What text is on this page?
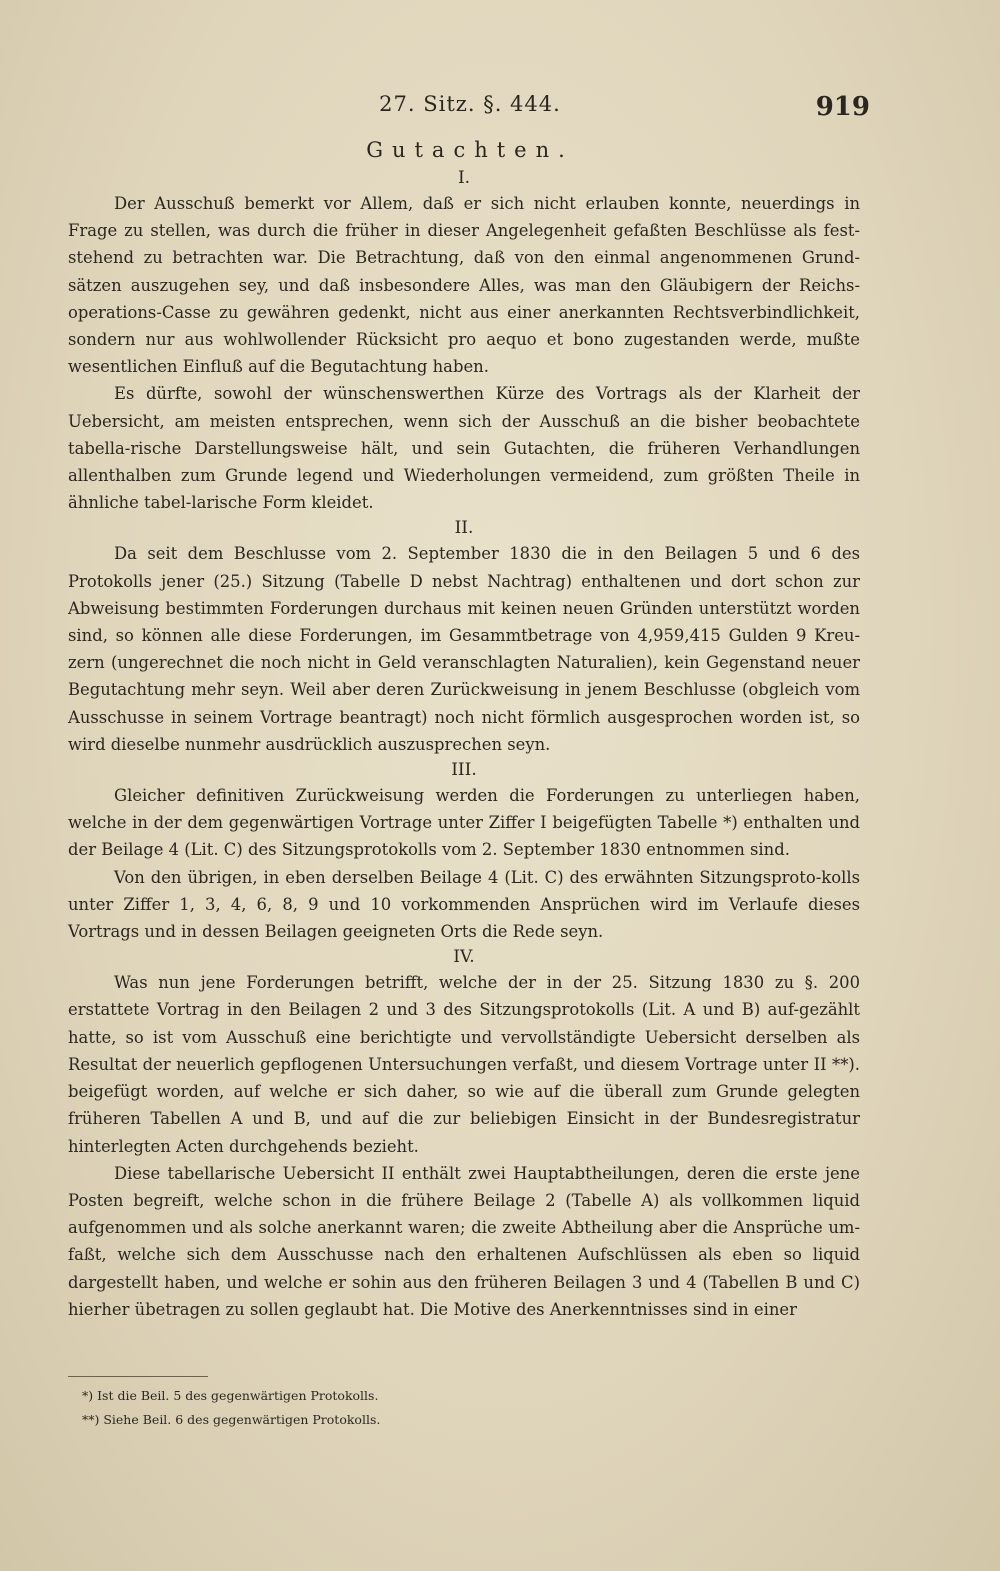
27. Sitz. §. 444.	919
Gutachten.

I.

Der Ausschuß bemerkt vor Allem, daß er sich nicht erlauben konnte, neuerdings in Frage zu stellen, was durch die früher in dieser Angelegenheit gefaßten Beschlüsse als fest-stehend zu betrachten war. Die Betrachtung, daß von den einmal angenommenen Grund-sätzen auszugehen sey, und daß insbesondere Alles, was man den Gläubigern der Reichs-operations-Casse zu gewähren gedenkt, nicht aus einer anerkannten Rechtsverbindlichkeit, sondern nur aus wohlwollender Rücksicht pro aequo et bono zugestanden werde, mußte wesentlichen Einfluß auf die Begutachtung haben.

Es dürfte, sowohl der wünschenswerthen Kürze des Vortrags als der Klarheit der Uebersicht, am meisten entsprechen, wenn sich der Ausschuß an die bisher beobachtete tabella-rische Darstellungsweise hält, und sein Gutachten, die früheren Verhandlungen allenthalben zum Grunde legend und Wiederholungen vermeidend, zum größten Theile in ähnliche tabel-larische Form kleidet.

II.

Da seit dem Beschlusse vom 2. September 1830 die in den Beilagen 5 und 6 des Protokolls jener (25.) Sitzung (Tabelle D nebst Nachtrag) enthaltenen und dort schon zur Abweisung bestimmten Forderungen durchaus mit keinen neuen Gründen unterstützt worden sind, so können alle diese Forderungen, im Gesammtbetrage von 4,959,415 Gulden 9 Kreu-zern (ungerechnet die noch nicht in Geld veranschlagten Naturalien), kein Gegenstand neuer Begutachtung mehr seyn. Weil aber deren Zurückweisung in jenem Beschlusse (obgleich vom Ausschusse in seinem Vortrage beantragt) noch nicht förmlich ausgesprochen worden ist, so wird dieselbe nunmehr ausdrücklich auszusprechen seyn.

III.

Gleicher definitiven Zurückweisung werden die Forderungen zu unterliegen haben, welche in der dem gegenwärtigen Vortrage unter Ziffer I beigefügten Tabelle *) enthalten und der Beilage 4 (Lit. C) des Sitzungsprotokolls vom 2. September 1830 entnommen sind.

Von den übrigen, in eben derselben Beilage 4 (Lit. C) des erwähnten Sitzungsproto-kolls unter Ziffer 1, 3, 4, 6, 8, 9 und 10 vorkommenden Ansprüchen wird im Verlaufe dieses Vortrags und in dessen Beilagen geeigneten Orts die Rede seyn.

IV.

Was nun jene Forderungen betrifft, welche der in der 25. Sitzung 1830 zu §. 200 erstattete Vortrag in den Beilagen 2 und 3 des Sitzungsprotokolls (Lit. A und B) auf-gezählt hatte, so ist vom Ausschuß eine berichtigte und vervollständigte Uebersicht derselben als Resultat der neuerlich gepflogenen Untersuchungen verfaßt, und diesem Vortrage unter II **). beigefügt worden, auf welche er sich daher, so wie auf die überall zum Grunde gelegten früheren Tabellen A und B, und auf die zur beliebigen Einsicht in der Bundesregistratur hinterlegten Acten durchgehends bezieht.

Diese tabellarische Uebersicht II enthält zwei Hauptabtheilungen, deren die erste jene Posten begreift, welche schon in die frühere Beilage 2 (Tabelle A) als vollkommen liquid aufgenommen und als solche anerkannt waren; die zweite Abtheilung aber die Ansprüche um-faßt, welche sich dem Ausschusse nach den erhaltenen Aufschlüssen als eben so liquid dargestellt haben, und welche er sohin aus den früheren Beilagen 3 und 4 (Tabellen B und C) hierher übetragen zu sollen geglaubt hat. Die Motive des Anerkenntnisses sind in einer

*) Ist die Beil. 5 des gegenwärtigen Protokolls.

**) Siehe Beil. 6 des gegenwärtigen Protokolls.
